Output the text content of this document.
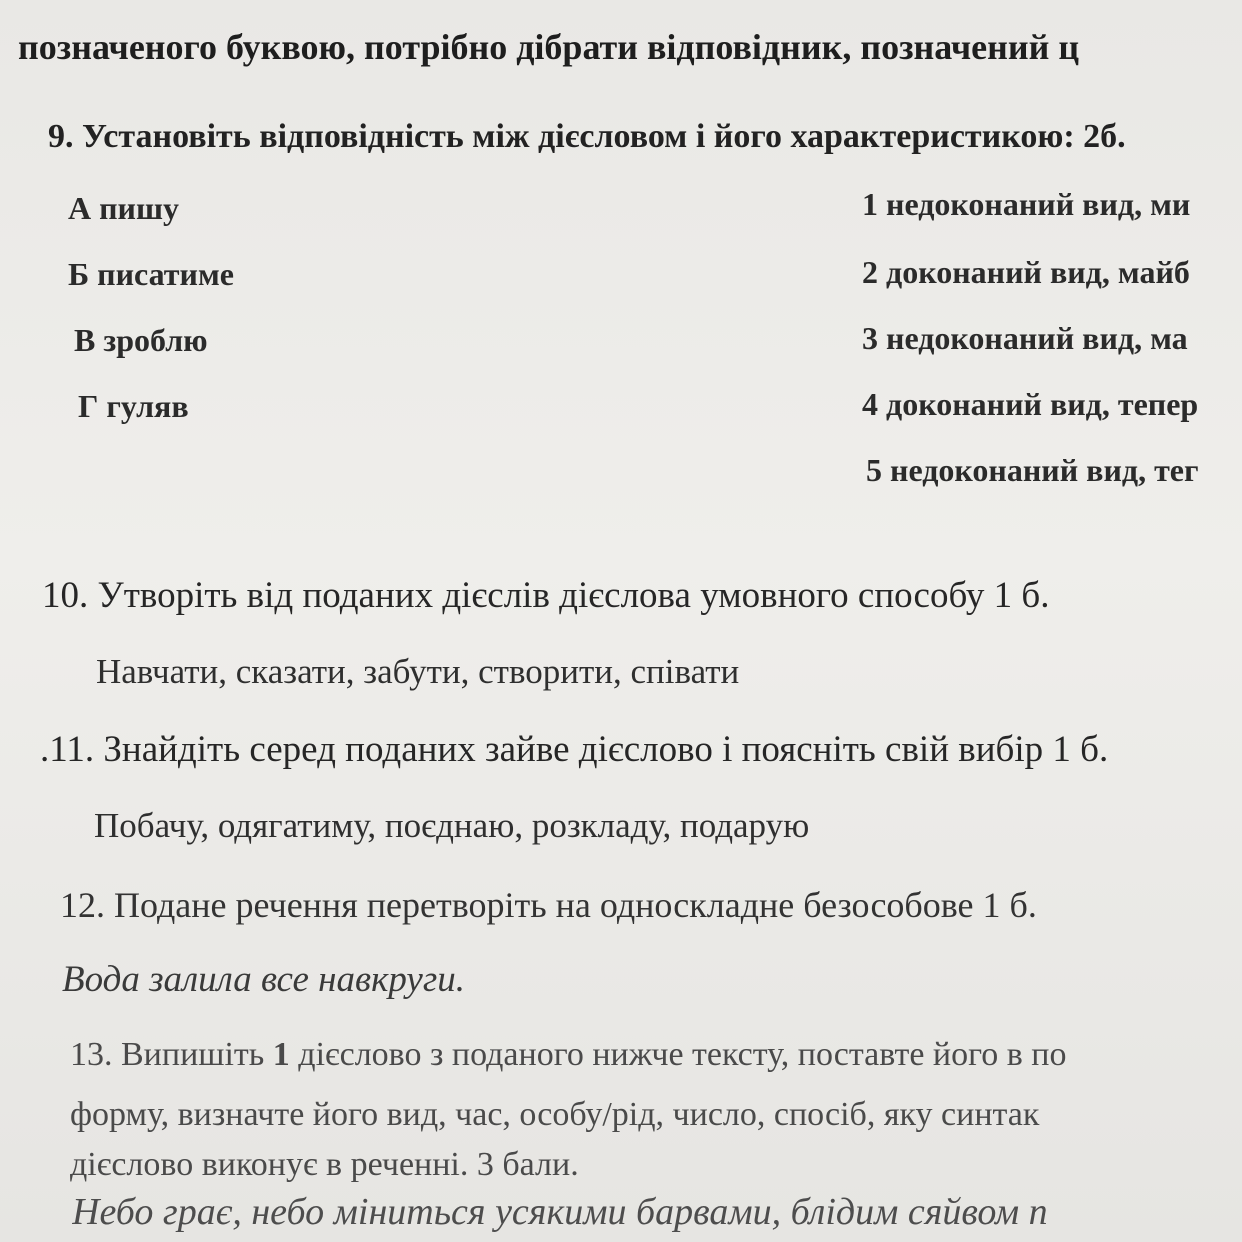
позначеного буквою, потрібно дібрати відповідник, позначений ц
9. Установіть відповідність між дієсловом і його характеристикою: 2б.
А пишу
Б писатиме
В зроблю
Г гуляв
1 недоконаний вид, ми
2 доконаний вид, майб
3 недоконаний вид, ма
4 доконаний вид, тепер
5 недоконаний вид, тег
10. Утворіть від поданих дієслів дієслова умовного способу 1 б.
Навчати, сказати, забути, створити, співати
.11. Знайдіть серед поданих зайве дієслово і поясніть свій вибір 1 б.
Побачу, одягатиму, поєднаю, розкладу, подарую
12. Подане речення перетворіть на односкладне безособове 1 б.
Вода залила все навкруги.
13. Випишіть 1 дієслово з поданого нижче тексту, поставте його в по
форму, визначте його вид, час, особу/рід, число, спосіб, яку синтак
дієслово виконує в реченні. 3 бали.
Небо грає, небо міниться усякими барвами, блідим сяйвом п
